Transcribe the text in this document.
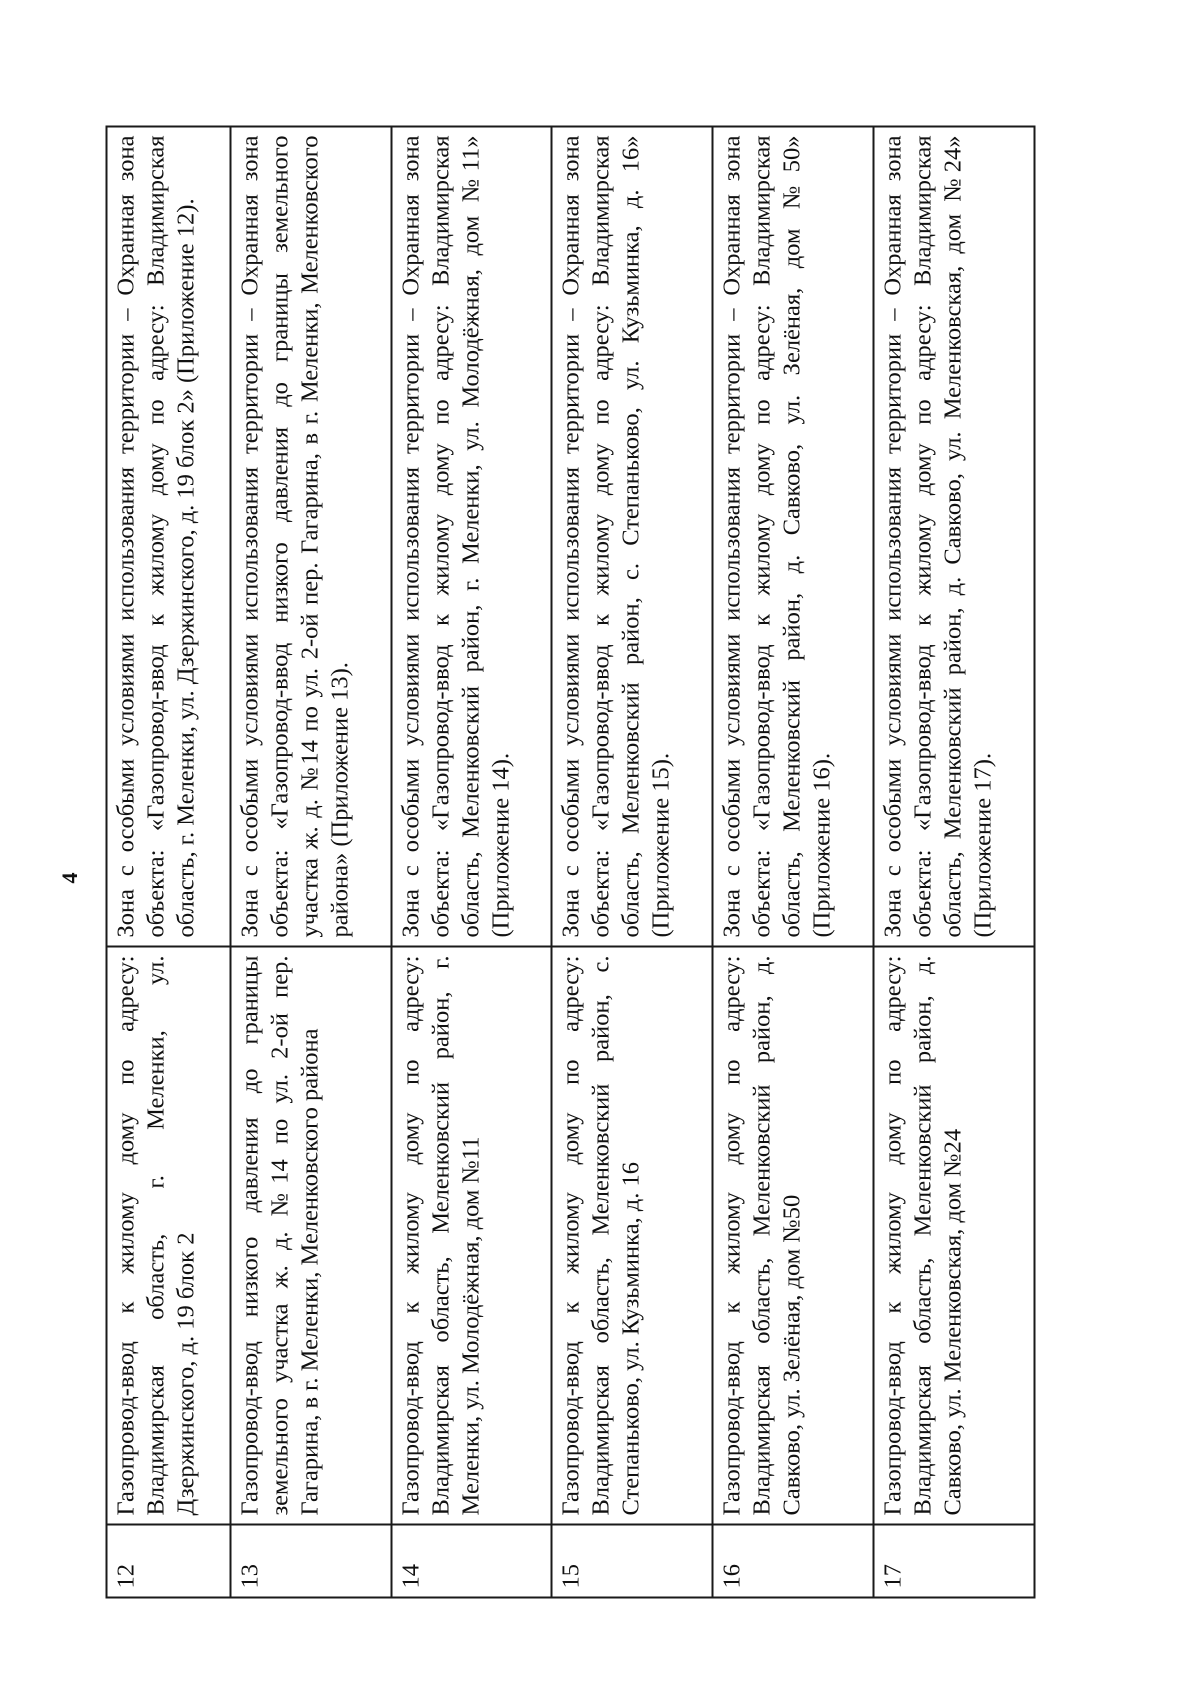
4
12	Газопровод-ввод к жилому дому по адресу: Владимирская область, г. Меленки, ул. Дзержинского, д. 19 блок 2	Зона с особыми условиями использования территории – Охранная зона объекта: «Газопровод-ввод к жилому дому по адресу: Владимирская область, г. Меленки, ул. Дзержинского, д. 19 блок 2» (Приложение 12).
13	Газопровод-ввод низкого давления до границы земельного участка ж. д. №14 по ул. 2-ой пер. Гагарина, в г. Меленки, Меленковского района	Зона с особыми условиями использования территории – Охранная зона объекта: «Газопровод-ввод низкого давления до границы земельного участка ж. д. №14 по ул. 2-ой пер. Гагарина, в г. Меленки, Меленковского района» (Приложение 13).
14	Газопровод-ввод к жилому дому по адресу: Владимирская область, Меленковский район, г. Меленки, ул. Молодёжная, дом №11	Зона с особыми условиями использования территории – Охранная зона объекта: «Газопровод-ввод к жилому дому по адресу: Владимирская область, Меленковский район, г. Меленки, ул. Молодёжная, дом №11» (Приложение 14).
15	Газопровод-ввод к жилому дому по адресу: Владимирская область, Меленковский район, с. Степаньково, ул. Кузьминка, д. 16	Зона с особыми условиями использования территории – Охранная зона объекта: «Газопровод-ввод к жилому дому по адресу: Владимирская область, Меленковский район, с. Степаньково, ул. Кузьминка, д. 16» (Приложение 15).
16	Газопровод-ввод к жилому дому по адресу: Владимирская область, Меленковский район, д. Савково, ул. Зелёная, дом №50	Зона с особыми условиями использования территории – Охранная зона объекта: «Газопровод-ввод к жилому дому по адресу: Владимирская область, Меленковский район, д. Савково, ул. Зелёная, дом №50» (Приложение 16).
17	Газопровод-ввод к жилому дому по адресу: Владимирская область, Меленковский район, д. Савково, ул. Меленковская, дом №24	Зона с особыми условиями использования территории – Охранная зона объекта: «Газопровод-ввод к жилому дому по адресу: Владимирская область, Меленковский район, д. Савково, ул. Меленковская, дом №24» (Приложение 17).
